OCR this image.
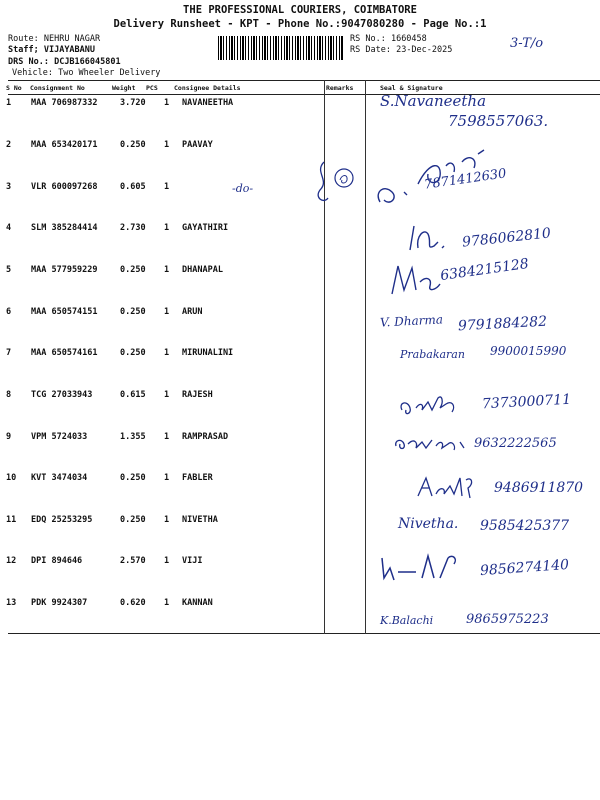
THE PROFESSIONAL COURIERS, COIMBATORE
Delivery Runsheet - KPT - Phone No.:9047080280 - Page No.:1
Route: NEHRU NAGAR
Staff; VIJAYABANU
DRS No.: DCJB166045801
Vehicle: Two Wheeler Delivery
RS No.: 1660458
RS Date: 23-Dec-2025	3-T/o
S No Consignment No	Weight PCS	Consignee Details	Remarks	Seal & Signature
1 MAA 706987332	3.720 1 NAVANEETHA	S.Navaneetha
7598557063.
2 MAA 653420171	0.250 1 PAAVAY
7871412630
3 VLR 600097268	0.605 1	-do-
4 SLM 385284414	2.730 1 GAYATHIRI	9786062810
5 MAA 577959229	0.250 1 DHANAPAL	6384215128
6 MAA 650574151	0.250 1 ARUN
V. Dharma 9791884282
7 MAA 650574161	0.250 1 MIRUNALINI	Prabakaran 9900015990
8 TCG 27033943	0.615 1 RAJESH	7373000711
9 VPM 5724033	1.355 1 RAMPRASAD	9632222565
10 KVT 3474034	0.250 1 FABLER
9486911870
11 EDQ 25253295	0.250 1 NIVETHA	Nivetha. 9585425377
12 DPI 894646	2.570 1 VIJI	9856274140
13 PDK 9924307	0.620 1 KANNAN
K.Balachi	9865975223
